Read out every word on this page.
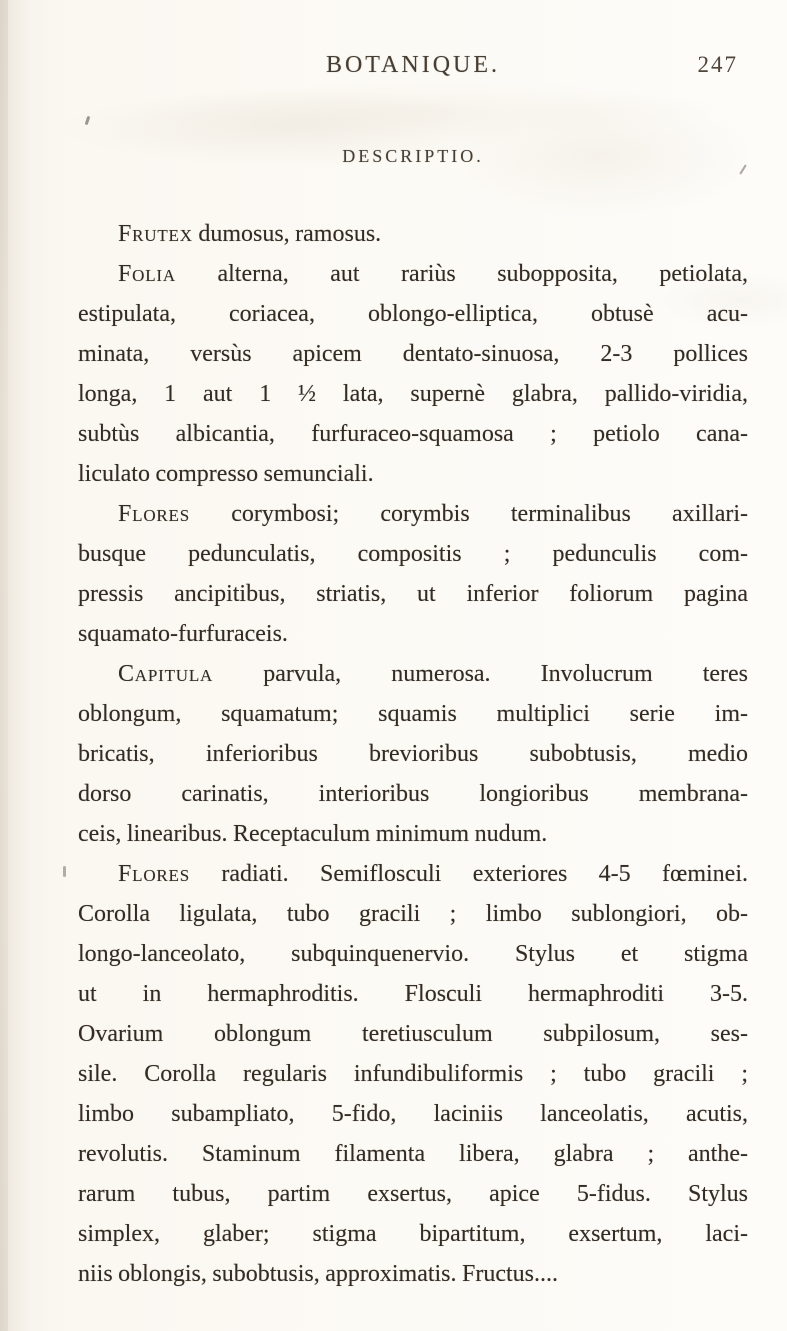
BOTANIQUE.	247
DESCRIPTIO.
Frutex dumosus, ramosus.
Folia alterna, aut rariùs subopposita, petiolata,
estipulata, coriacea, oblongo-elliptica, obtusè acu-
minata, versùs apicem dentato-sinuosa, 2-3 pollices
longa, 1 aut 1 ½ lata, supernè glabra, pallido-viridia,
subtùs albicantia, furfuraceo-squamosa ; petiolo cana-
liculato compresso semunciali.
Flores corymbosi; corymbis terminalibus axillari-
busque pedunculatis, compositis ; pedunculis com-
pressis ancipitibus, striatis, ut inferior foliorum pagina
squamato-furfuraceis.
Capitula parvula, numerosa. Involucrum teres
oblongum, squamatum; squamis multiplici serie im-
bricatis, inferioribus brevioribus subobtusis, medio
dorso carinatis, interioribus longioribus membrana-
ceis, linearibus. Receptaculum minimum nudum.
Flores radiati. Semiflosculi exteriores 4-5 fœminei.
Corolla ligulata, tubo gracili ; limbo sublongiori, ob-
longo-lanceolato, subquinquenervio. Stylus et stigma
ut in hermaphroditis. Flosculi hermaphroditi 3-5.
Ovarium oblongum teretiusculum subpilosum, ses-
sile. Corolla regularis infundibuliformis ; tubo gracili ;
limbo subampliato, 5-fido, laciniis lanceolatis, acutis,
revolutis. Staminum filamenta libera, glabra ; anthe-
rarum tubus, partim exsertus, apice 5-fidus. Stylus
simplex, glaber; stigma bipartitum, exsertum, laci-
niis oblongis, subobtusis, approximatis. Fructus....
